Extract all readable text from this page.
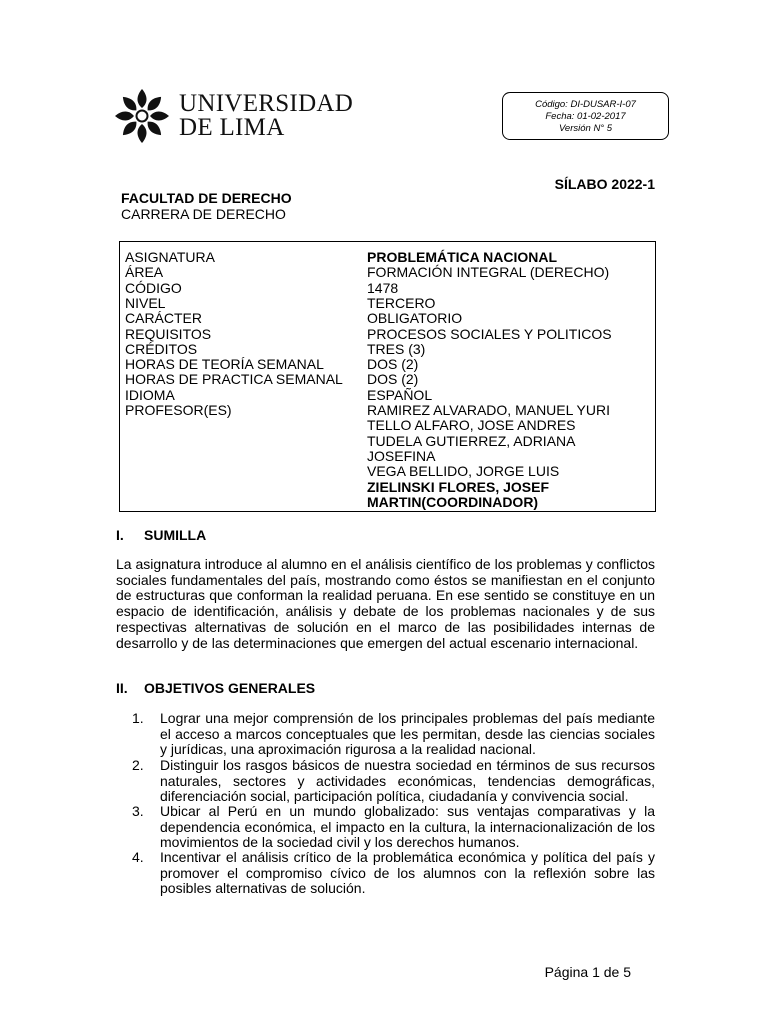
UNIVERSIDAD
DE LIMA
Código: DI-DUSAR-I-07
Fecha: 01-02-2017
Versión N° 5
SÍLABO 2022-1
FACULTAD DE DERECHO
CARRERA DE DERECHO
ASIGNATURA	PROBLEMÁTICA NACIONAL
ÁREA	FORMACIÓN INTEGRAL (DERECHO)
CÓDIGO	1478
NIVEL	TERCERO
CARÁCTER	OBLIGATORIO
REQUISITOS	PROCESOS SOCIALES Y POLITICOS
CRÉDITOS	TRES (3)
HORAS DE TEORÍA SEMANAL	DOS (2)
HORAS DE PRACTICA SEMANAL DOS (2)
IDIOMA	ESPAÑOL
PROFESOR(ES)	RAMIREZ ALVARADO, MANUEL YURI
TELLO ALFARO, JOSE ANDRES
TUDELA GUTIERREZ, ADRIANA
JOSEFINA
VEGA BELLIDO, JORGE LUIS
ZIELINSKI FLORES, JOSEF
MARTIN(COORDINADOR)
I. SUMILLA
La asignatura introduce al alumno en el análisis científico de los problemas y conflictos sociales fundamentales del país, mostrando como éstos se manifiestan en el conjunto de estructuras que conforman la realidad peruana. En ese sentido se constituye en un espacio de identificación, análisis y debate de los problemas nacionales y de sus respectivas alternativas de solución en el marco de las posibilidades internas de desarrollo y de las determinaciones que emergen del actual escenario internacional.
II. OBJETIVOS GENERALES
1. Lograr una mejor comprensión de los principales problemas del país mediante el acceso a marcos conceptuales que les permitan, desde las ciencias sociales y jurídicas, una aproximación rigurosa a la realidad nacional.
2. Distinguir los rasgos básicos de nuestra sociedad en términos de sus recursos naturales, sectores y actividades económicas, tendencias demográficas, diferenciación social, participación política, ciudadanía y convivencia social.
3. Ubicar al Perú en un mundo globalizado: sus ventajas comparativas y la dependencia económica, el impacto en la cultura, la internacionalización de los movimientos de la sociedad civil y los derechos humanos.
4. Incentivar el análisis crítico de la problemática económica y política del país y promover el compromiso cívico de los alumnos con la reflexión sobre las posibles alternativas de solución.
Página 1 de 5
